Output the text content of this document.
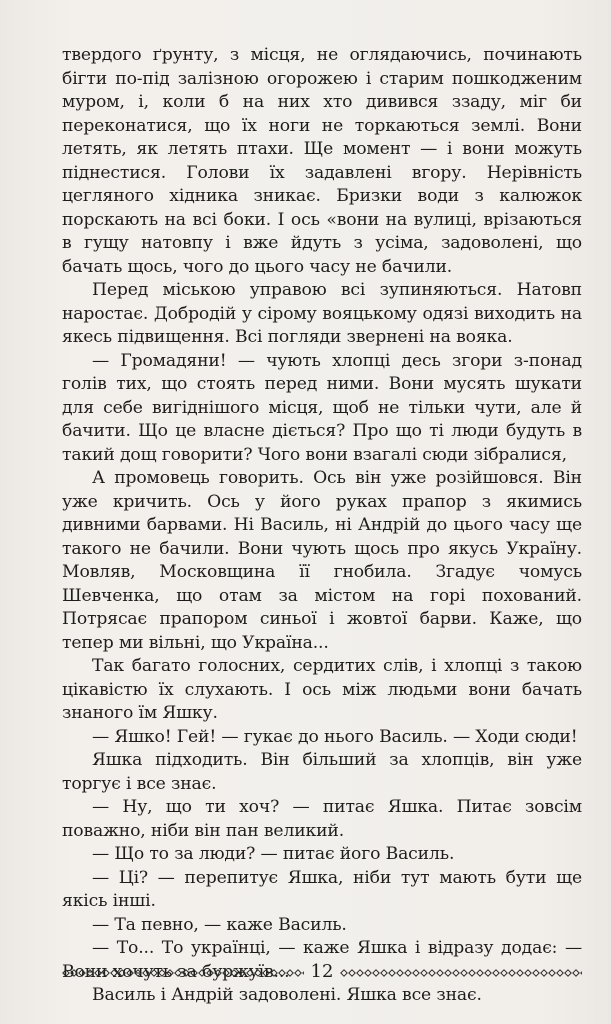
твердого ґрунту, з місця, не оглядаючись, починають бігти по-під залізною огорожею і старим пошкодженим муром, і, коли б на них хто дивився ззаду, міг би переконатися, що їх ноги не торкаються землі. Вони летять, як летять птахи. Ще момент — і вони можуть піднестися. Голови їх задавлені вгору. Нерівність цегляного хідника зникає. Бризки води з калюжок порскають на всі боки. І ось «вони на вулиці, врізаються в гущу натовпу і вже йдуть з усіма, задоволені, що бачать щось, чого до цього часу не бачили.

Перед міською управою всі зупиняються. Натовп наростає. Добродій у сірому вояцькому одязі виходить на якесь підвищення. Всі погляди звернені на вояка.

— Громадяни! — чують хлопці десь згори з-понад голів тих, що стоять перед ними. Вони мусять шукати для себе вигіднішого місця, щоб не тільки чути, але й бачити. Що це власне діється? Про що ті люди будуть в такий дощ говорити? Чого вони взагалі сюди зібралися,

А промовець говорить. Ось він уже розійшовся. Він уже кричить. Ось у його руках прапор з якимись дивними барвами. Ні Василь, ні Андрій до цього часу ще такого не бачили. Вони чують щось про якусь Україну. Мовляв, Московщина її гнобила. Згадує чомусь Шевченка, що отам за містом на горі похований. Потрясає прапором синьої і жовтої барви. Каже, що тепер ми вільні, що Україна...

Так багато голосних, сердитих слів, і хлопці з такою цікавістю їх слухають. І ось між людьми вони бачать знаного їм Яшку.

— Яшко! Гей! — гукає до нього Василь. — Ходи сюди!

Яшка підходить. Він більший за хлопців, він уже торгує і все знає.

— Ну, що ти хоч? — питає Яшка. Питає зовсім поважно, ніби він пан великий.

— Що то за люди? — питає його Василь.

— Ці? — перепитує Яшка, ніби тут мають бути ще якісь інші.

— Та певно, — каже Василь.

— То... То українці, — каже Яшка і відразу додає: —

Василь і Андрій задоволені. Яшка все знає.

12
